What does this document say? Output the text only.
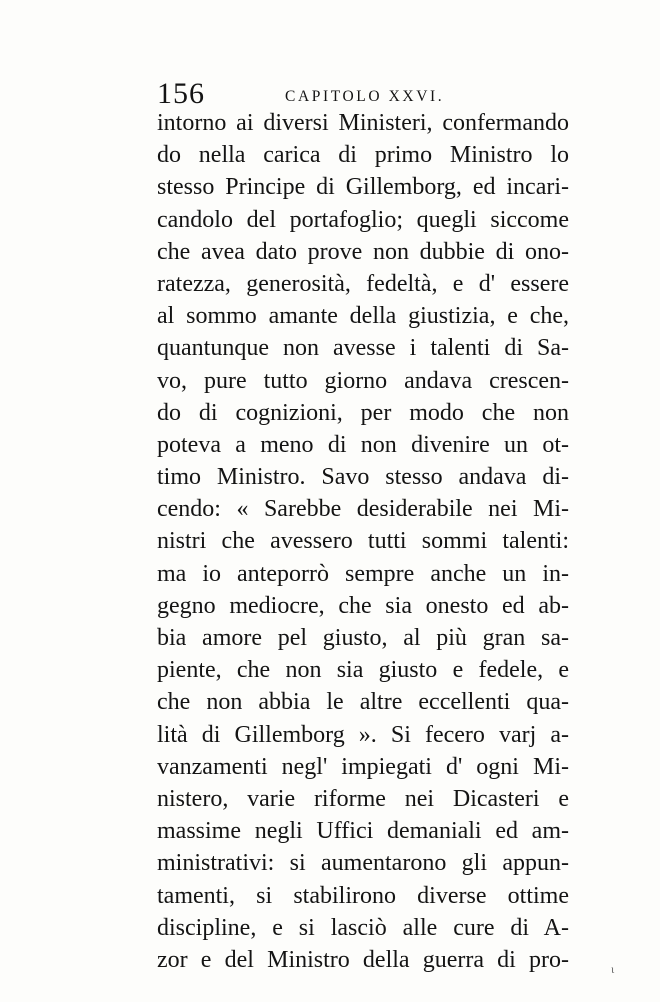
156	CAPITOLO XXVI.
intorno ai diversi Ministeri, confermando
do nella carica di primo Ministro lo
stesso Principe di Gillemborg, ed incari-
candolo del portafoglio; quegli siccome
che avea dato prove non dubbie di ono-
ratezza, generosità, fedeltà, e d' essere
al sommo amante della giustizia, e che,
quantunque non avesse i talenti di Sa-
vo, pure tutto giorno andava crescen-
do di cognizioni, per modo che non
poteva a meno di non divenire un ot-
timo Ministro. Savo stesso andava di-
cendo: « Sarebbe desiderabile nei Mi-
nistri che avessero tutti sommi talenti:
ma io anteporrò sempre anche un in-
gegno mediocre, che sia onesto ed ab-
bia amore pel giusto, al più gran sa-
piente, che non sia giusto e fedele, e
che non abbia le altre eccellenti qua-
lità di Gillemborg ». Si fecero varj a-
vanzamenti negl' impiegati d' ogni Mi-
nistero, varie riforme nei Dicasteri e
massime negli Uffici demaniali ed am-
ministrativi: si aumentarono gli appun-
tamenti, si stabilirono diverse ottime
discipline, e si lasciò alle cure di A-
zor e del Ministro della guerra di pro-	ι
